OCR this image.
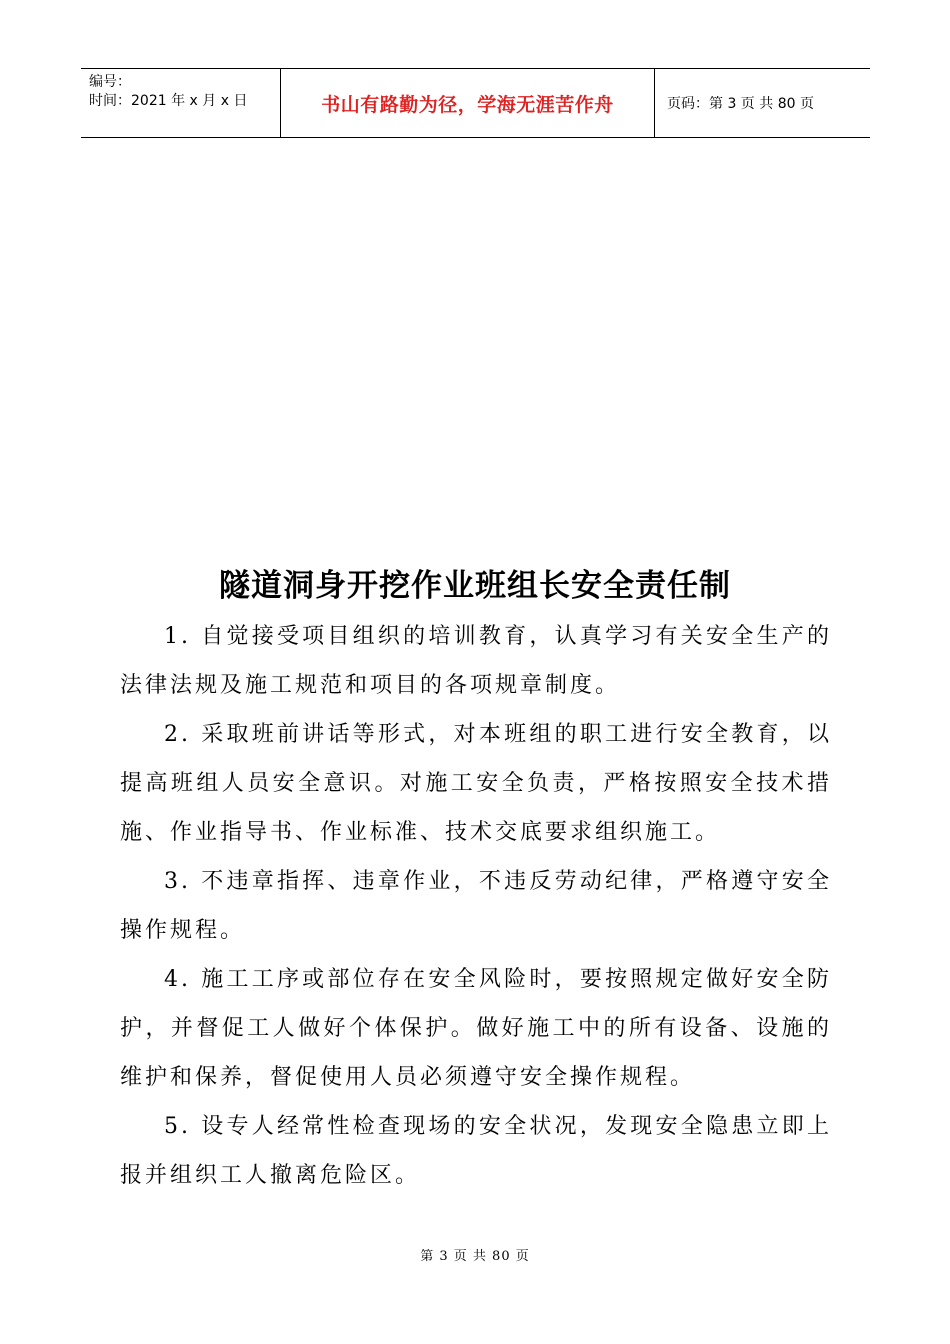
编号：
时间：2021 年 x 月 x 日	书山有路勤为径，学海无涯苦作舟	页码：第 3 页 共 80 页
隧道洞身开挖作业班组长安全责任制

1. 自觉接受项目组织的培训教育，认真学习有关安全生产的法律法规及施工规范和项目的各项规章制度。

2. 采取班前讲话等形式，对本班组的职工进行安全教育，以提高班组人员安全意识。对施工安全负责，严格按照安全技术措施、作业指导书、作业标准、技术交底要求组织施工。

3. 不违章指挥、违章作业，不违反劳动纪律，严格遵守安全操作规程。

4. 施工工序或部位存在安全风险时，要按照规定做好安全防护，并督促工人做好个体保护。做好施工中的所有设备、设施的维护和保养，督促使用人员必须遵守安全操作规程。

5. 设专人经常性检查现场的安全状况，发现安全隐患立即上报并组织工人撤离危险区。

第 3 页 共 80 页
